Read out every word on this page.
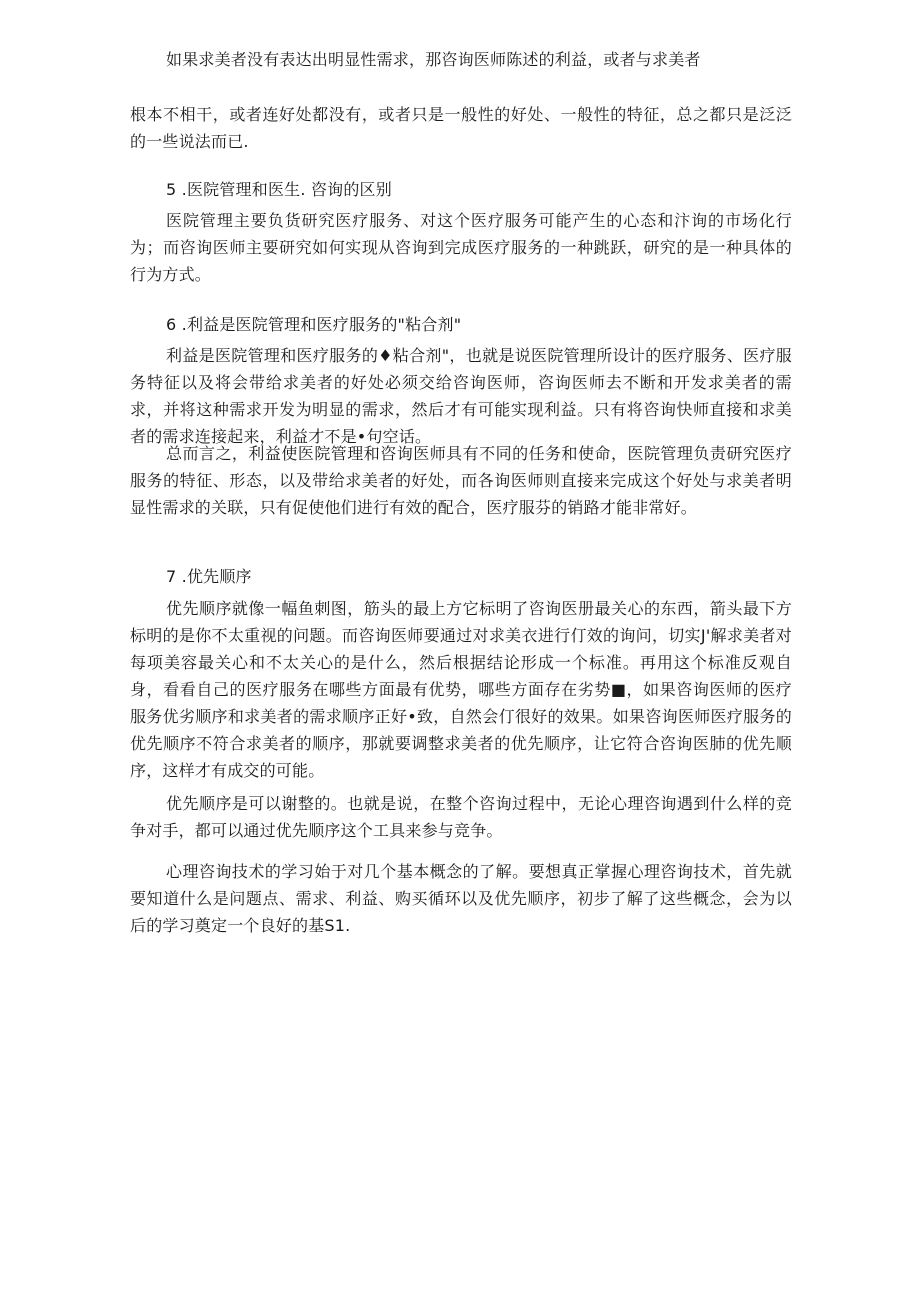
如果求美者没有表达出明显性需求，那咨询医师陈述的利益，或者与求美者

根本不相干，或者连好处都没有，或者只是一般性的好处、一般性的特征，总之都只是泛泛的一些说法而已.

5 .医院管理和医生. 咨询的区别

医院管理主要负货研究医疗服务、对这个医疗服务可能产生的心态和汴询的市场化行为；而咨询医师主要研究如何实现从咨询到完成医疗服务的一种跳跃，研究的是一种具体的行为方式。

6 .利益是医院管理和医疗服务的"粘合剂"

利益是医院管理和医疗服务的♦粘合剂"，也就是说医院管理所设计的医疗服务、医疗服务特征以及将会带给求美者的好处必须交给咨询医师，咨询医师去不断和开发求美者的需求，并将这种需求开发为明显的需求，然后才有可能实现利益。只有将咨询快师直接和求美者的需求连接起来，利益才不是•句空话。

总而言之，利益使医院管理和咨询医师具有不同的任务和使命，医院管理负责研究医疗服务的特征、形态，以及带给求美者的好处，而各询医师则直接来完成这个好处与求美者明显性需求的关联，只有促使他们进行有效的配合，医疗服芬的销路才能非常好。

7 .优先顺序

优先顺序就像一幅鱼刺图，筋头的最上方它标明了咨询医册最关心的东西，箭头最下方标明的是你不太重视的问题。而咨询医师要通过对求美衣进行仃效的询问，切实J'解求美者对每项美容最关心和不太关心的是什么，然后根据结论形成一个标准。再用这个标准反观自身，看看自己的医疗服务在哪些方面最有优势，哪些方面存在劣势■，如果咨询医师的医疗服务优劣顺序和求美者的需求顺序正好•致，自然会仃很好的效果。如果咨询医师医疗服务的优先顺序不符合求美者的顺序，那就要调整求美者的优先顺序，让它符合咨询医肺的优先顺序，这样才有成交的可能。

优先顺序是可以谢整的。也就是说，在整个咨询过程中，无论心理咨询遇到什么样的竞争对手，都可以通过优先顺序这个工具来参与竞争。

心理咨询技术的学习始于对几个基本概念的了解。要想真正掌握心理咨询技术，首先就要知道什么是问题点、需求、利益、购买循环以及优先顺序，初步了解了这些概念，会为以后的学习奠定一个良好的基S1.
